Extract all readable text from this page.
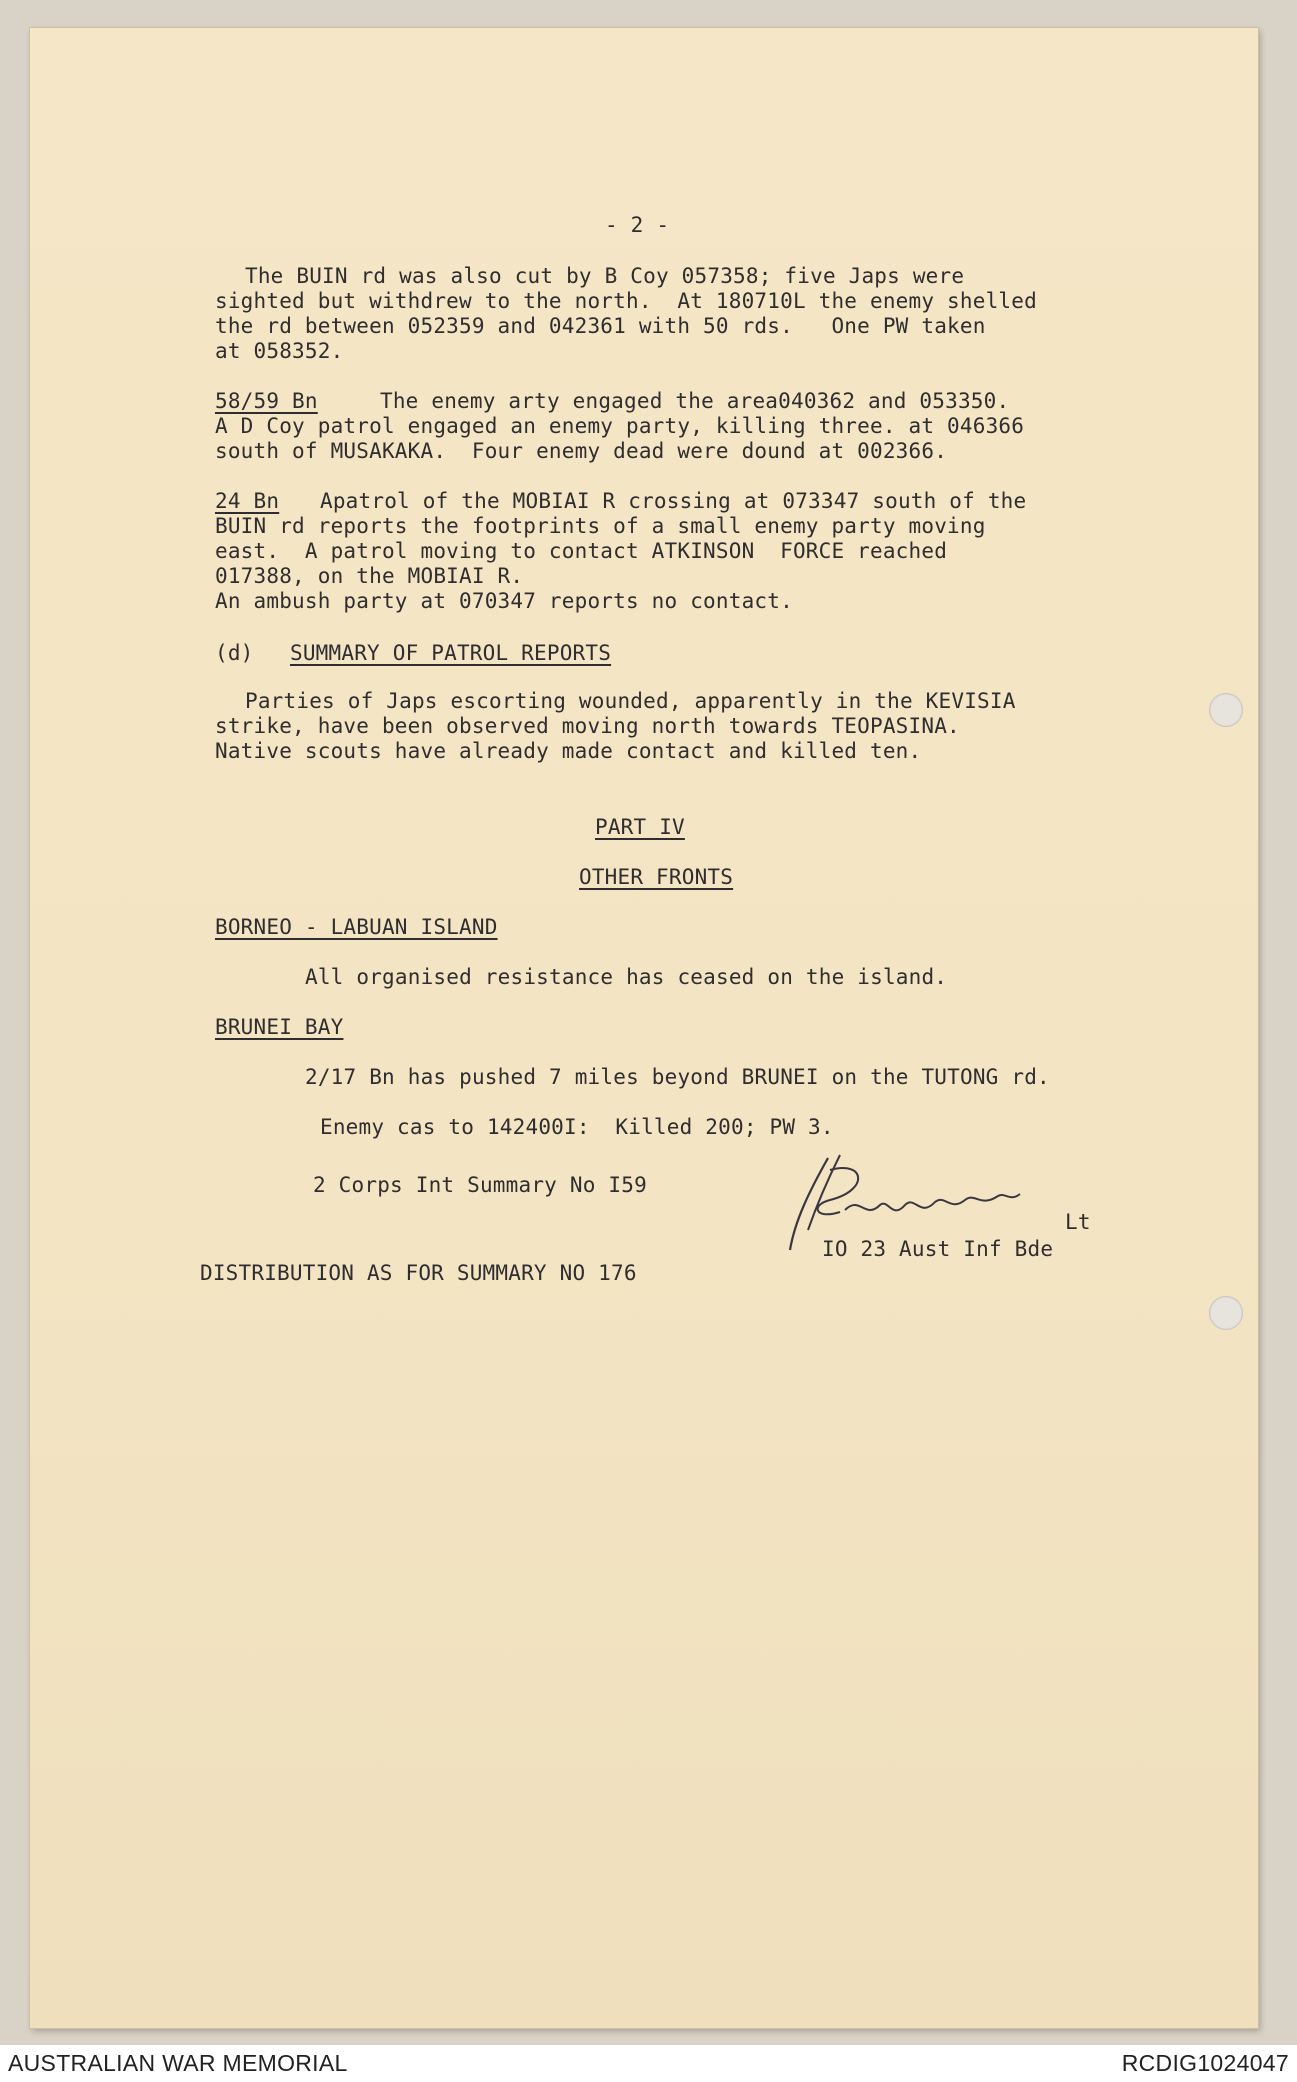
- 2 -
The BUIN rd was also cut by B Coy 057358; five Japs were
sighted but withdrew to the north.  At 180710L the enemy shelled
the rd between 052359 and 042361 with 50 rds.   One PW taken
at 058352.
58/59 Bn	The enemy arty engaged the area040362 and 053350.
A D Coy patrol engaged an enemy party, killing three. at 046366
south of MUSAKAKA.  Four enemy dead were dound at 002366.
24 Bn Apatrol of the MOBIAI R crossing at 073347 south of the
BUIN rd reports the footprints of a small enemy party moving
east.  A patrol moving to contact ATKINSON  FORCE reached
017388, on the MOBIAI R.
An ambush party at 070347 reports no contact.
(d) SUMMARY OF PATROL REPORTS
Parties of Japs escorting wounded, apparently in the KEVISIA
strike, have been observed moving north towards TEOPASINA.
Native scouts have already made contact and killed ten.
PART IV
OTHER FRONTS
BORNEO - LABUAN ISLAND
All organised resistance has ceased on the island.
BRUNEI BAY
2/17 Bn has pushed 7 miles beyond BRUNEI on the TUTONG rd.
Enemy cas to 142400I:  Killed 200; PW 3.
2 Corps Int Summary No I59
Lt
IO 23 Aust Inf Bde
DISTRIBUTION AS FOR SUMMARY NO 176
AUSTRALIAN WAR MEMORIAL	RCDIG1024047
